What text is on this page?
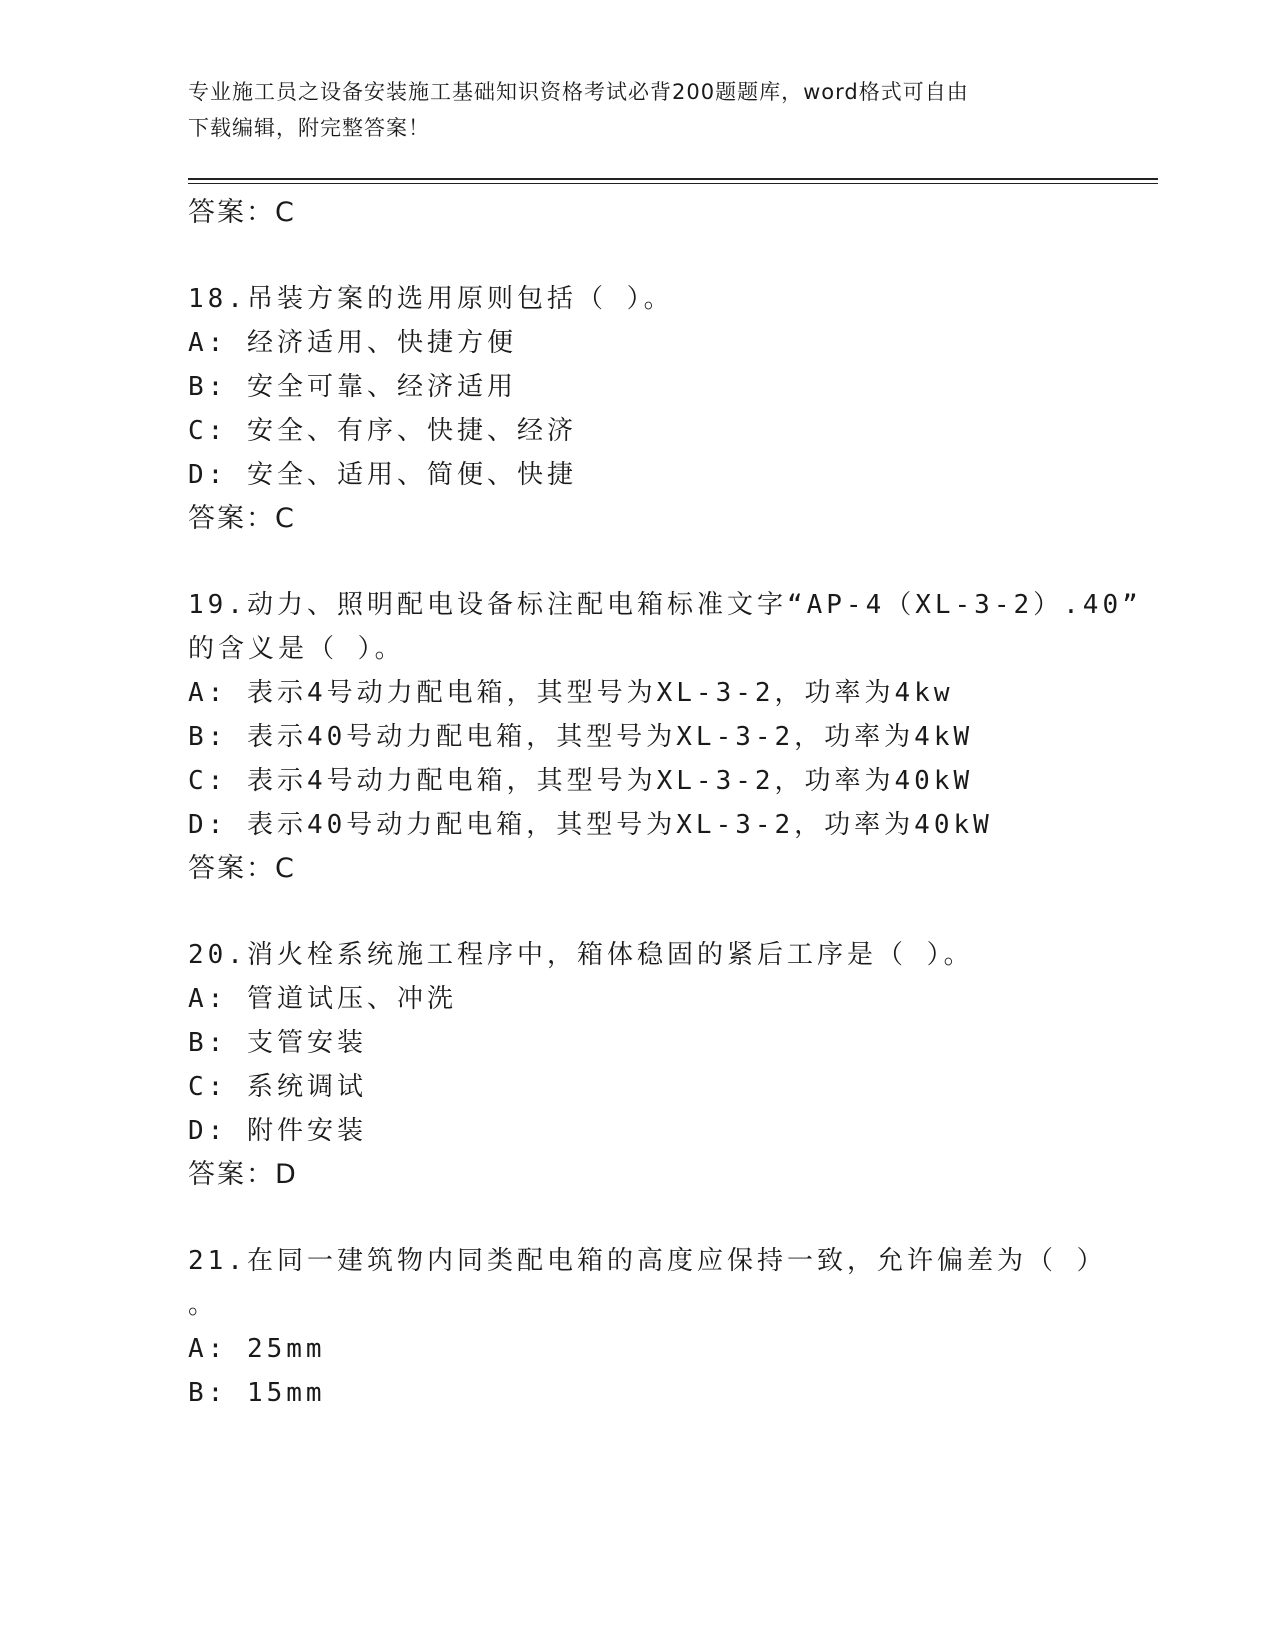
专业施工员之设备安装施工基础知识资格考试必背200题题库，word格式可自由
下载编辑，附完整答案！
答案：C
18.吊装方案的选用原则包括（ ）。
A: 经济适用、快捷方便
B: 安全可靠、经济适用
C: 安全、有序、快捷、经济
D: 安全、适用、简便、快捷
答案：C
19.动力、照明配电设备标注配电箱标准文字“AP-4（XL-3-2）.40”
的含义是（ ）。
A: 表示4号动力配电箱，其型号为XL-3-2，功率为4kw
B: 表示40号动力配电箱，其型号为XL-3-2，功率为4kW
C: 表示4号动力配电箱，其型号为XL-3-2，功率为40kW
D: 表示40号动力配电箱，其型号为XL-3-2，功率为40kW
答案：C
20.消火栓系统施工程序中，箱体稳固的紧后工序是（ ）。
A: 管道试压、冲洗
B: 支管安装
C: 系统调试
D: 附件安装
答案：D
21.在同一建筑物内同类配电箱的高度应保持一致，允许偏差为（ ）
。
A: 25mm
B: 15mm
